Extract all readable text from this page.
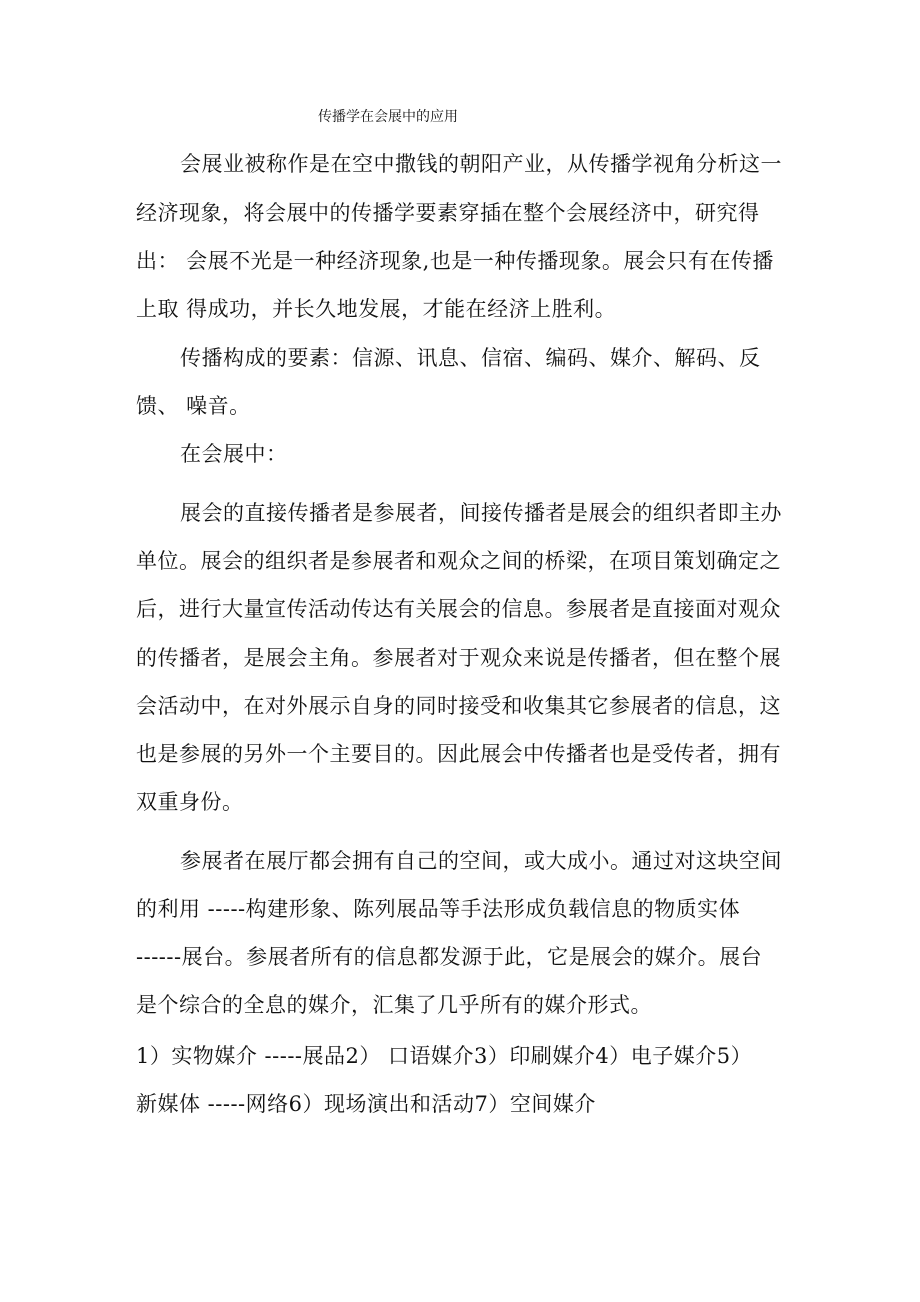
传播学在会展中的应用
会展业被称作是在空中撒钱的朝阳产业，从传播学视角分析这一
经济现象，将会展中的传播学要素穿插在整个会展经济中，研究得
出： 会展不光是一种经济现象,也是一种传播现象。展会只有在传播
上取 得成功，并长久地发展，才能在经济上胜利。
传播构成的要素：信源、讯息、信宿、编码、媒介、解码、反
馈、 噪音。
在会展中：
展会的直接传播者是参展者，间接传播者是展会的组织者即主办
单位。展会的组织者是参展者和观众之间的桥梁，在项目策划确定之
后，进行大量宣传活动传达有关展会的信息。参展者是直接面对观众
的传播者，是展会主角。参展者对于观众来说是传播者，但在整个展
会活动中，在对外展示自身的同时接受和收集其它参展者的信息，这
也是参展的另外一个主要目的。因此展会中传播者也是受传者，拥有
双重身份。
参展者在展厅都会拥有自己的空间，或大成小。通过对这块空间
的利用 -----构建形象、陈列展品等手法形成负载信息的物质实体
------展台。参展者所有的信息都发源于此，它是展会的媒介。展台
是个综合的全息的媒介，汇集了几乎所有的媒介形式。
1）实物媒介 -----展品2） 口语媒介3）印刷媒介4）电子媒介5）
新媒体 -----网络6）现场演出和活动7）空间媒介
